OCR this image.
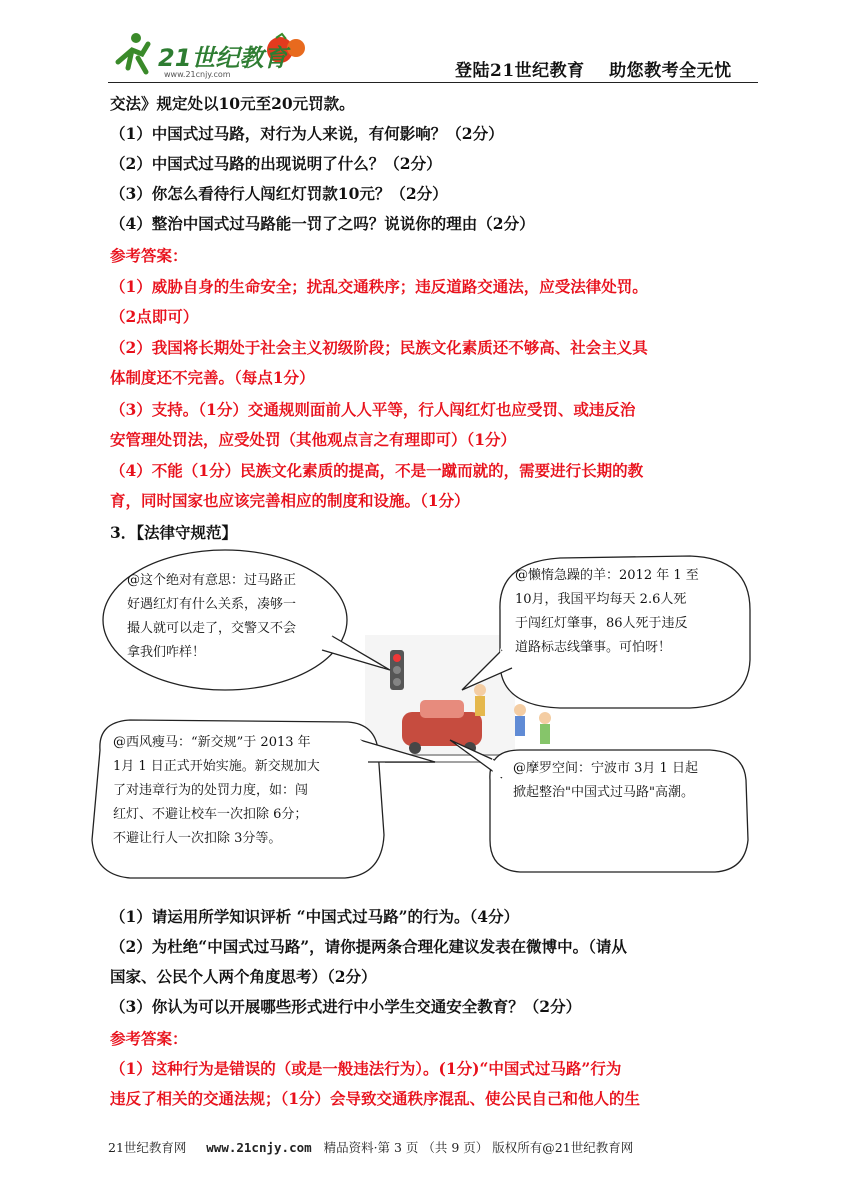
21世纪教育
www.21cnjy.com	登陆21世纪教育 助您教考全无忧
交法》规定处以10元至20元罚款。
（1）中国式过马路，对行为人来说，有何影响？（2分）
（2）中国式过马路的出现说明了什么？（2分）
（3）你怎么看待行人闯红灯罚款10元？（2分）
（4）整治中国式过马路能一罚了之吗？说说你的理由（2分）
参考答案：
（1）威胁自身的生命安全；扰乱交通秩序；违反道路交通法，应受法律处罚。
（2点即可）
（2）我国将长期处于社会主义初级阶段；民族文化素质还不够高、社会主义具
体制度还不完善。（每点1分）
（3）支持。（1分）交通规则面前人人平等，行人闯红灯也应受罚、或违反治
安管理处罚法，应受处罚（其他观点言之有理即可）（1分）
（4）不能（1分）民族文化素质的提高，不是一蹴而就的，需要进行长期的教
育，同时国家也应该完善相应的制度和设施。（1分）
3．【法律守规范】
@这个绝对有意思：过马路正
好遇红灯有什么关系，凑够一
撮人就可以走了，交警又不会
拿我们咋样！
@懒惰急躁的羊：2012 年 1 至
10月，我国平均每天 2.6人死
于闯红灯肇事，86人死于违反
道路标志线肇事。可怕呀！
@西风瘦马：“新交规”于 2013 年
1月 1 日正式开始实施。新交规加大
了对违章行为的处罚力度，如：闯
红灯、不避让校车一次扣除 6分；
不避让行人一次扣除 3分等。
@摩罗空间：宁波市 3月 1 日起
掀起整治"中国式过马路"高潮。
（1）请运用所学知识评析 “中国式过马路”的行为。（4分）
（2）为杜绝“中国式过马路”，请你提两条合理化建议发表在微博中。（请从
国家、公民个人两个角度思考）（2分）
（3）你认为可以开展哪些形式进行中小学生交通安全教育？（2分）
参考答案：
（1）这种行为是错误的（或是一般违法行为）。(1分)“中国式过马路”行为
违反了相关的交通法规；（1分）会导致交通秩序混乱、使公民自己和他人的生
21世纪教育网 www.21cnjy.com 精品资料·第 3 页 （共 9 页） 版权所有@21世纪教育网
